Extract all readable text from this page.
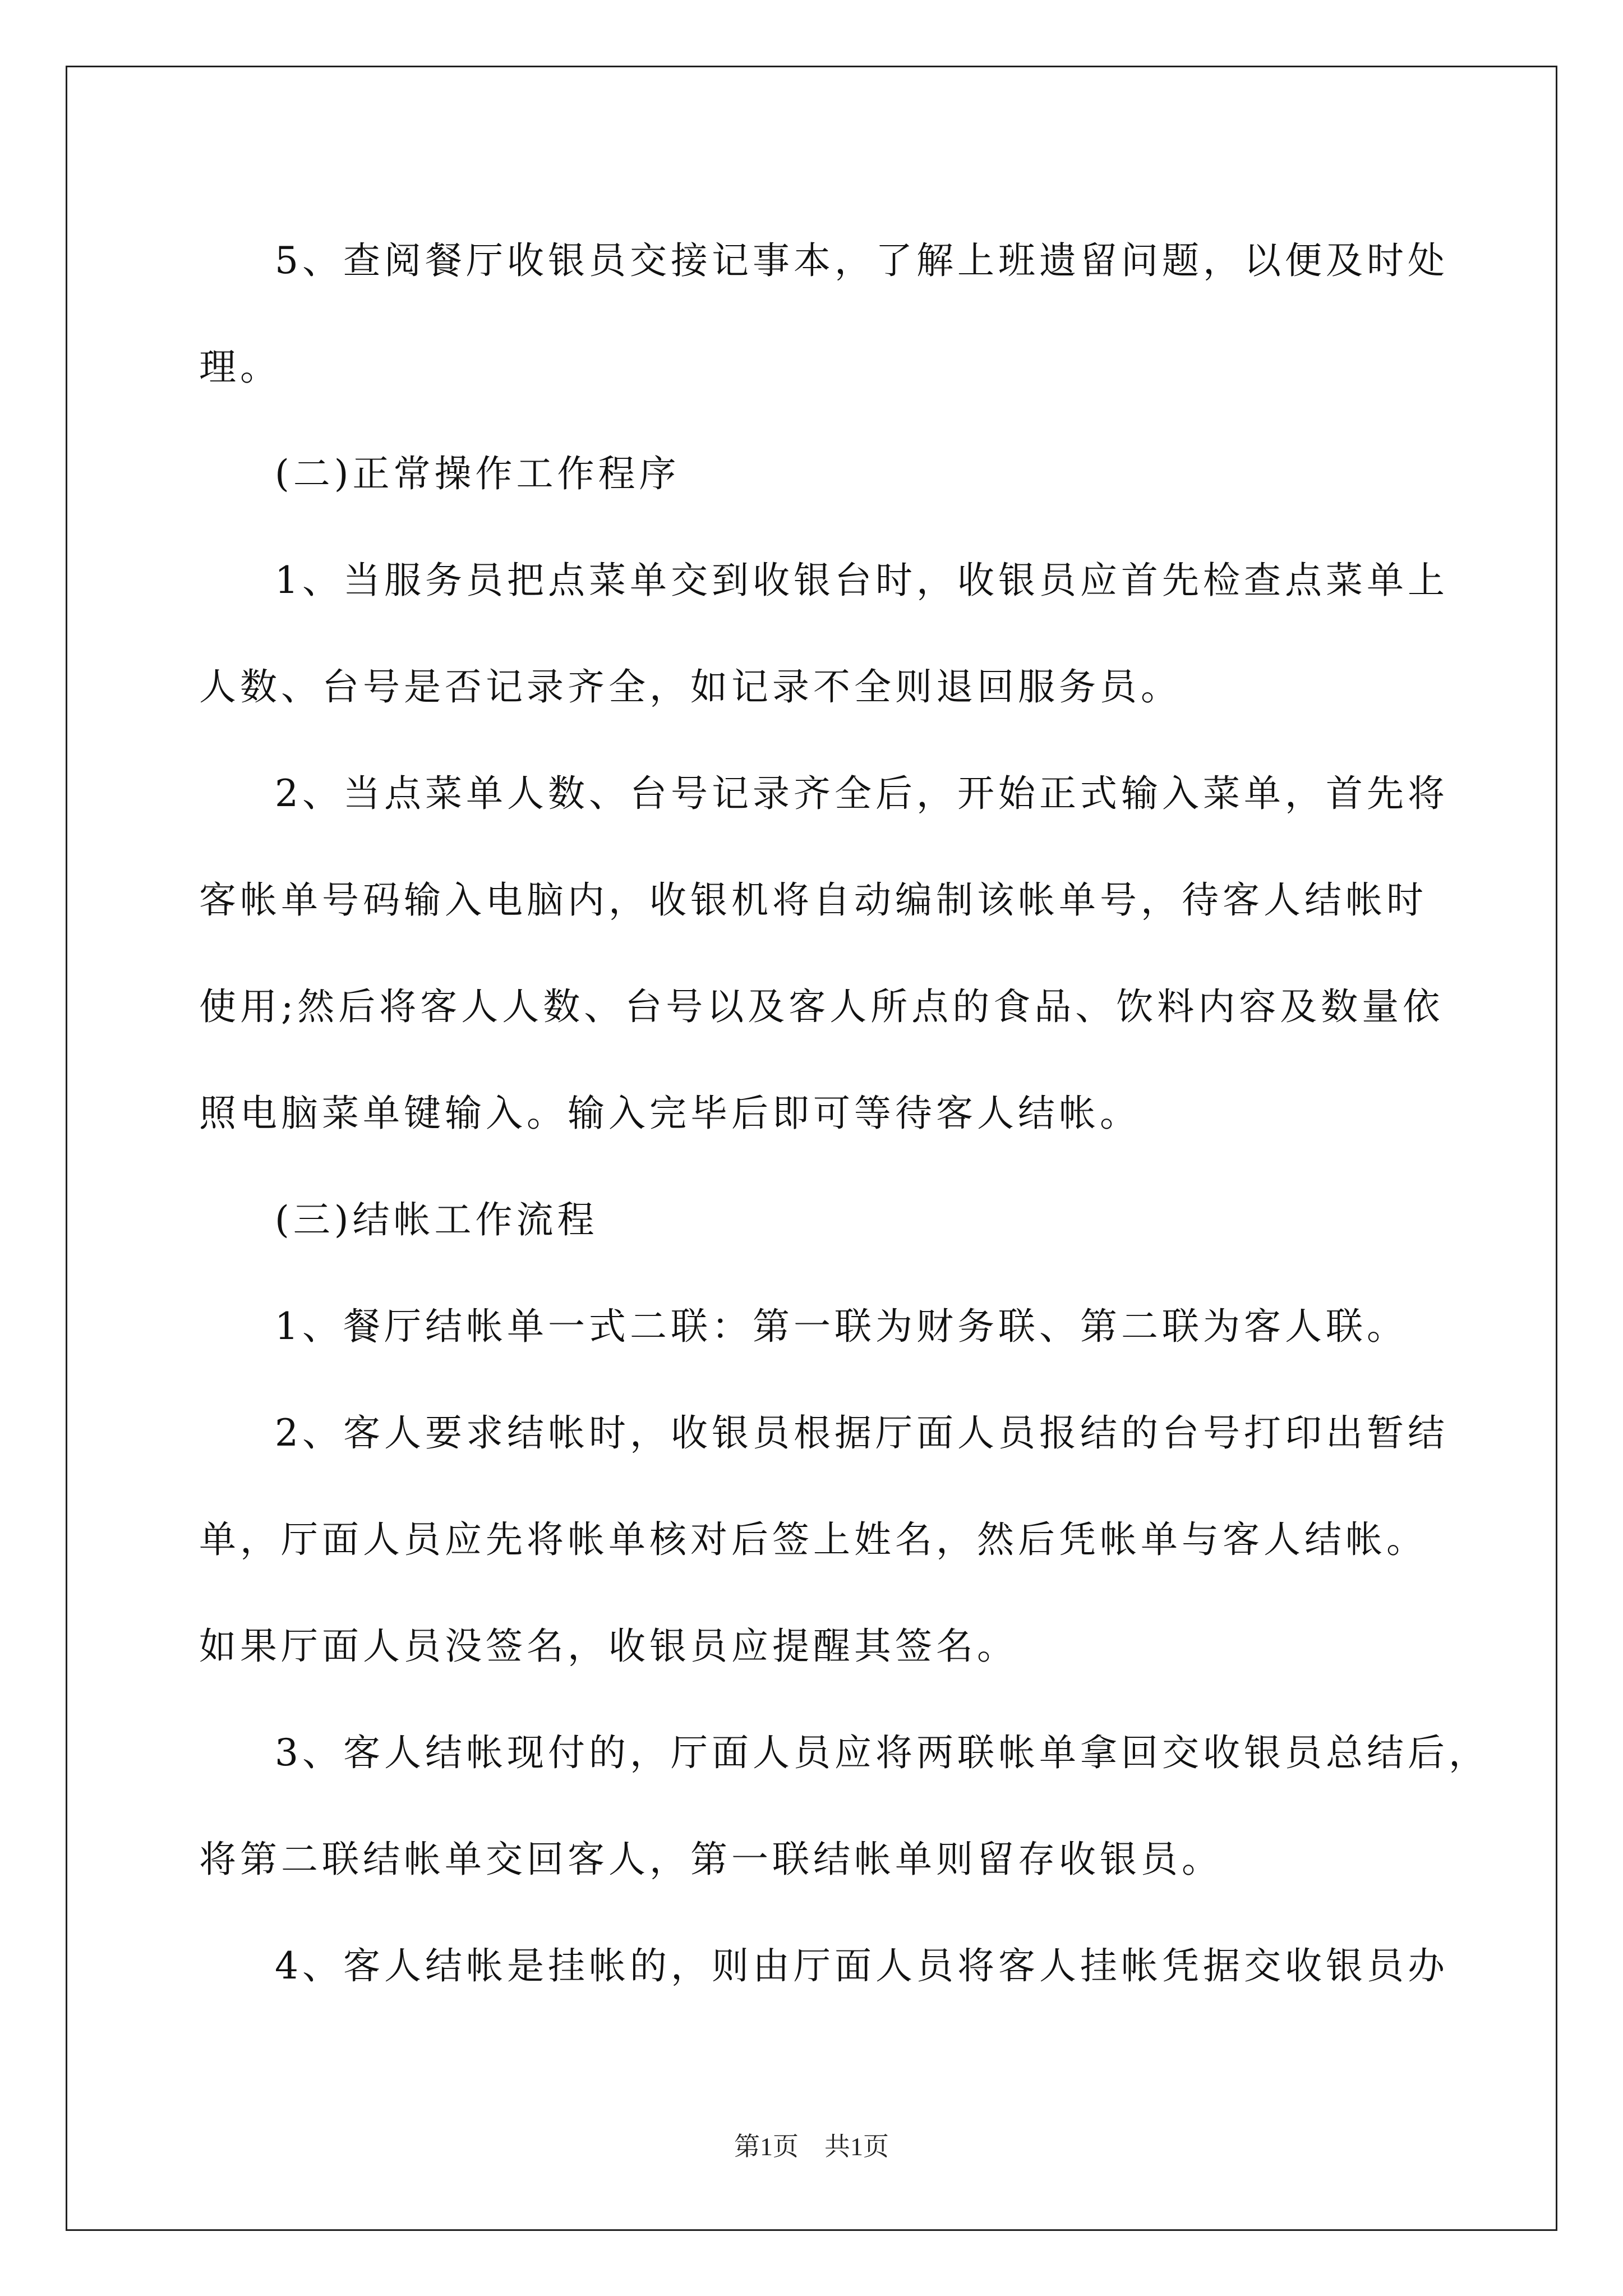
5、查阅餐厅收银员交接记事本，了解上班遗留问题，以便及时处

理。

(二)正常操作工作程序

1、当服务员把点菜单交到收银台时，收银员应首先检查点菜单上

人数、台号是否记录齐全，如记录不全则退回服务员。

2、当点菜单人数、台号记录齐全后，开始正式输入菜单，首先将

客帐单号码输入电脑内，收银机将自动编制该帐单号，待客人结帐时

使用;然后将客人人数、台号以及客人所点的食品、饮料内容及数量依

照电脑菜单键输入。输入完毕后即可等待客人结帐。

(三)结帐工作流程

1、餐厅结帐单一式二联：第一联为财务联、第二联为客人联。

2、客人要求结帐时，收银员根据厅面人员报结的台号打印出暂结

单，厅面人员应先将帐单核对后签上姓名，然后凭帐单与客人结帐。

如果厅面人员没签名，收银员应提醒其签名。

3、客人结帐现付的，厅面人员应将两联帐单拿回交收银员总结后，

将第二联结帐单交回客人，第一联结帐单则留存收银员。

4、客人结帐是挂帐的，则由厅面人员将客人挂帐凭据交收银员办

第1页　共1页
